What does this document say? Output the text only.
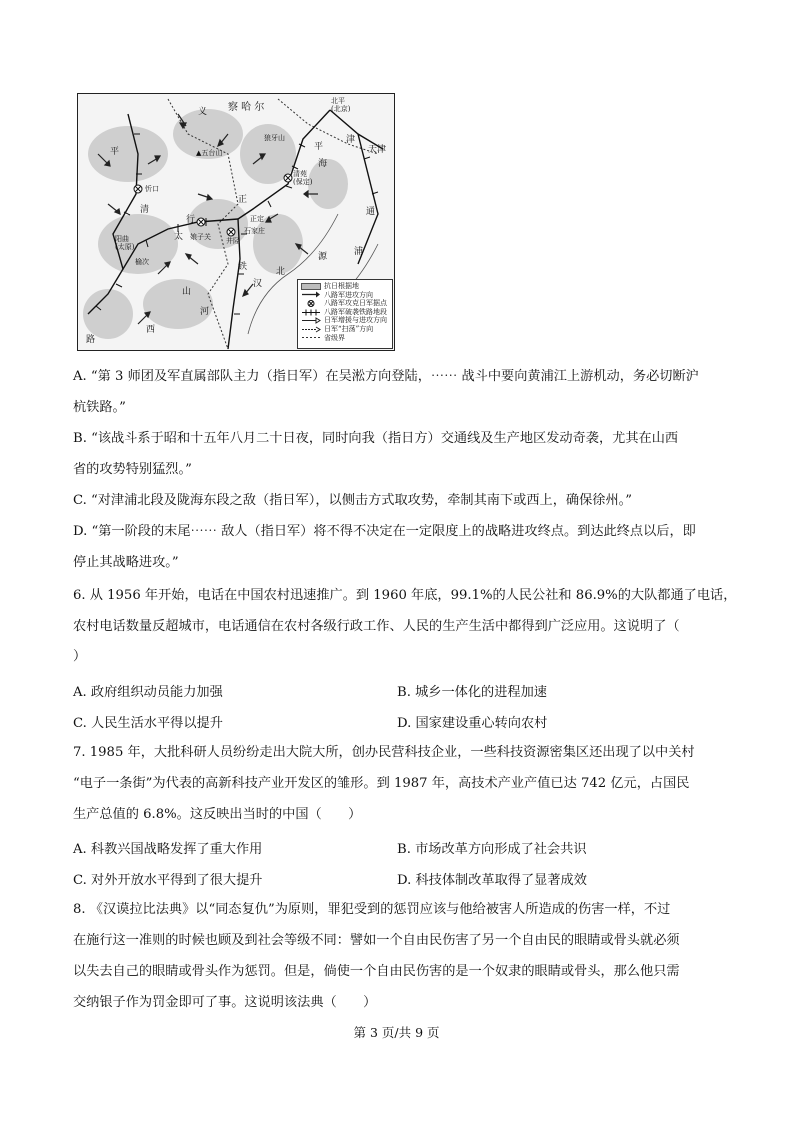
察 哈 尔
北平
(北京)
天津
狼牙山
▲五台山
清苑
(保定)
忻口
正定
石家庄
阳曲
(太原)
娘子关 井陉
榆次
山
河
西
北
行
太
义
平
津
铁
路
海
通
浦
源
清
汉
平
正
抗日根据地
八路军进攻方向
八路军攻克日军据点
八路军破袭铁路地段
日军增援与进攻方向
日军“扫荡”方向
省级界
A. “第 3 师团及军直属部队主力（指日军）在吴淞方向登陆，⋯⋯ 战斗中要向黄浦江上游机动，务必切断沪
杭铁路。”
B. “该战斗系于昭和十五年八月二十日夜，同时向我（指日方）交通线及生产地区发动奇袭，尤其在山西
省的攻势特别猛烈。”
C. “对津浦北段及陇海东段之敌（指日军），以侧击方式取攻势，牵制其南下或西上，确保徐州。”
D. “第一阶段的末尾⋯⋯ 敌人（指日军）将不得不决定在一定限度上的战略进攻终点。到达此终点以后，即
停止其战略进攻。”
6. 从 1956 年开始，电话在中国农村迅速推广。到 1960 年底，99.1%的人民公社和 86.9%的大队都通了电话，
农村电话数量反超城市，电话通信在农村各级行政工作、人民的生产生活中都得到广泛应用。这说明了（
）
A. 政府组织动员能力加强	B. 城乡一体化的进程加速
C. 人民生活水平得以提升	D. 国家建设重心转向农村
7. 1985 年，大批科研人员纷纷走出大院大所，创办民营科技企业，一些科技资源密集区还出现了以中关村
“电子一条街”为代表的高新科技产业开发区的雏形。到 1987 年，高技术产业产值已达 742 亿元，占国民
生产总值的 6.8%。这反映出当时的中国（　　）
A. 科教兴国战略发挥了重大作用	B. 市场改革方向形成了社会共识
C. 对外开放水平得到了很大提升	D. 科技体制改革取得了显著成效
8. 《汉谟拉比法典》以“同态复仇”为原则，罪犯受到的惩罚应该与他给被害人所造成的伤害一样，不过
在施行这一准则的时候也顾及到社会等级不同：譬如一个自由民伤害了另一个自由民的眼睛或骨头就必须
以失去自己的眼睛或骨头作为惩罚。但是，倘使一个自由民伤害的是一个奴隶的眼睛或骨头，那么他只需
交纳银子作为罚金即可了事。这说明该法典（　　）
第 3 页/共 9 页
